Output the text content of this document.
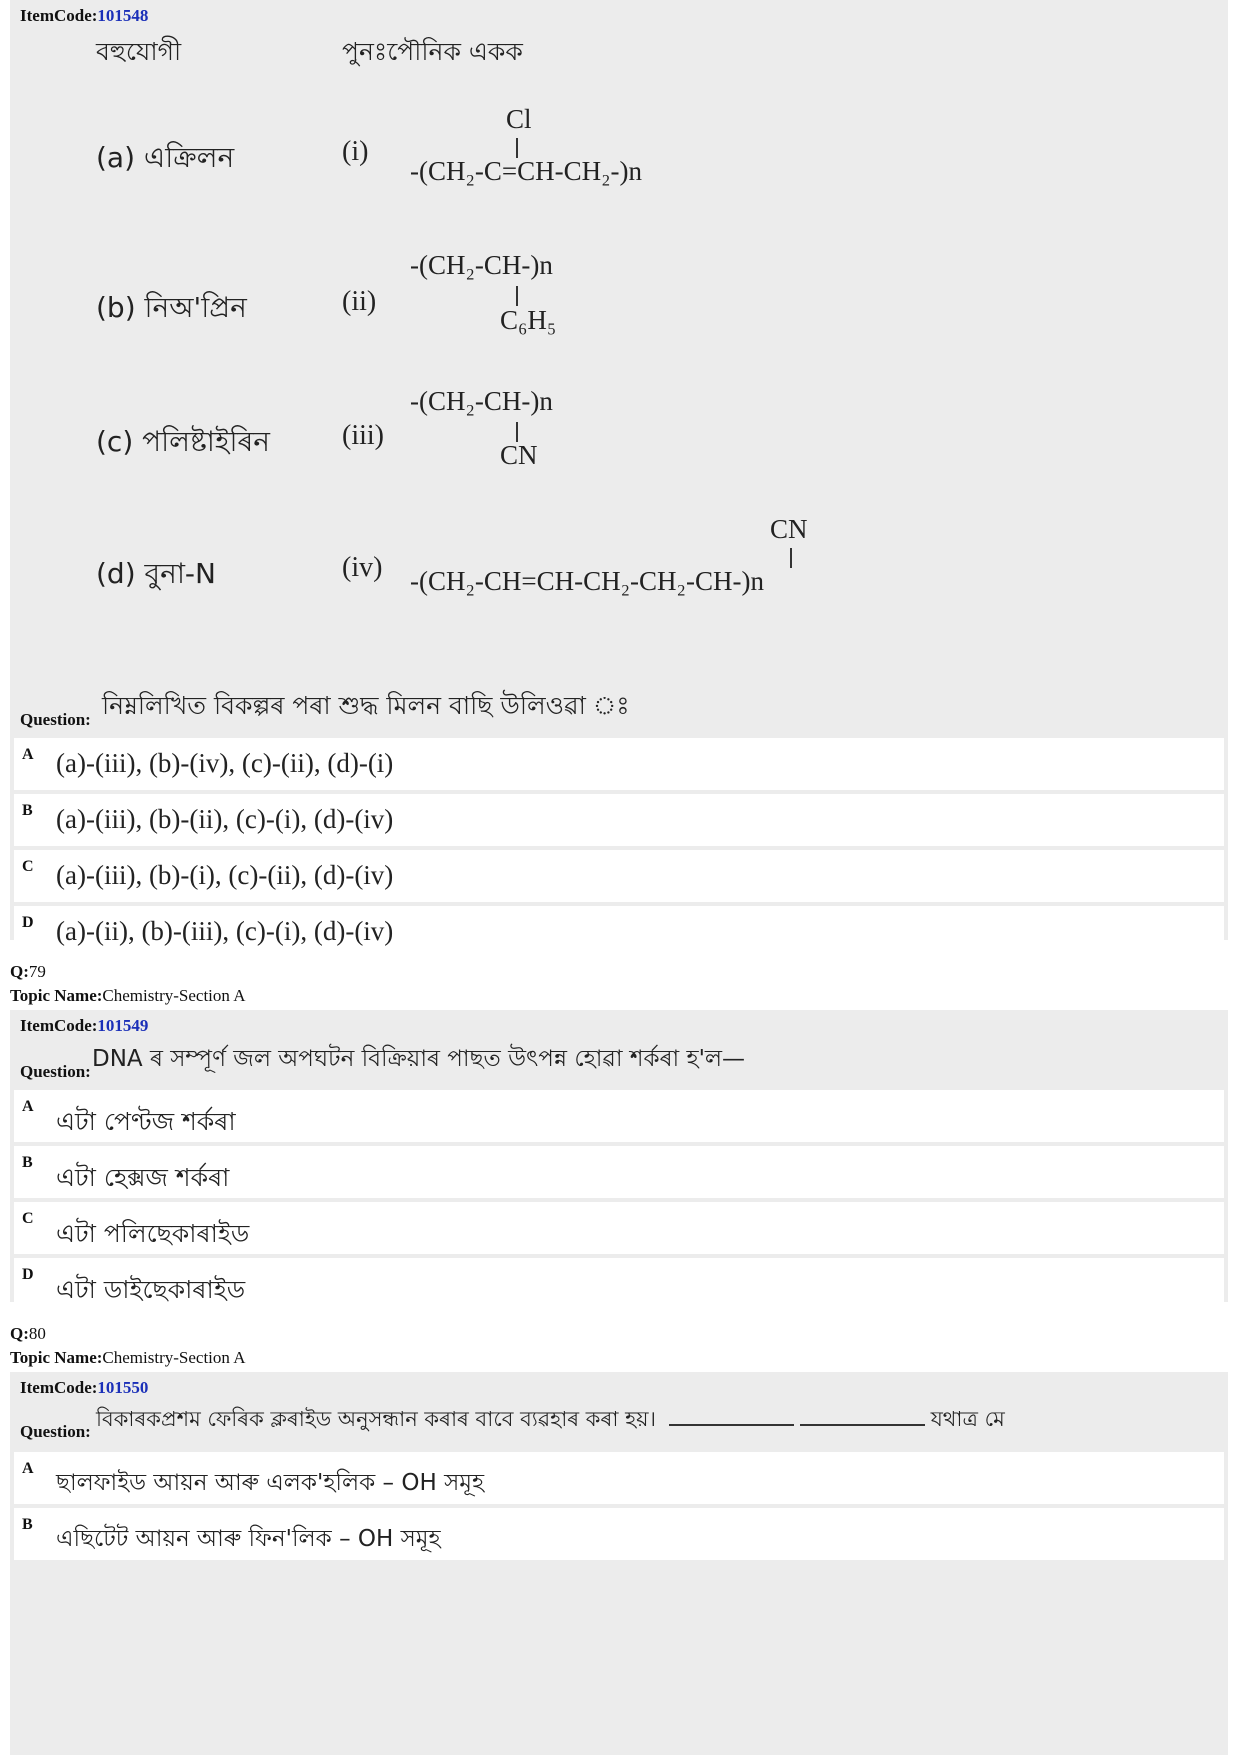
ItemCode:101548
বহুযোগী	পুনঃপৌনিক একক
(a) এক্রিলন	(i)
Cl
-(CH₂-C=CH-CH₂-)n
(b) নিঅ'প্ৰিন	(ii)
-(CH₂-CH-)n
C₆H₅
(c) পলিষ্টাইৰিন	(iii)
-(CH₂-CH-)n
CN
(d) বুনা-N	(iv)
CN
-(CH₂-CH=CH-CH₂-CH₂-CH-)n
Question: নিম্নলিখিত বিকল্পৰ পৰা শুদ্ধ মিলন বাছি উলিওৱা ঃ
A (a)-(iii), (b)-(iv), (c)-(ii), (d)-(i)
B (a)-(iii), (b)-(ii), (c)-(i), (d)-(iv)
C (a)-(iii), (b)-(i), (c)-(ii), (d)-(iv)
D (a)-(ii), (b)-(iii), (c)-(i), (d)-(iv)
Q:79
Topic Name:Chemistry-Section A
ItemCode:101549
Question: DNA ৰ সম্পূৰ্ণ জল অপঘটন বিক্ৰিয়াৰ পাছত উৎপন্ন হোৱা শৰ্কৰা হ'ল—
A
এটা পেণ্টজ শৰ্কৰা
B
এটা হেক্সজ শৰ্কৰা
C
এটা পলিছেকাৰাইড
D
এটা ডাইছেকাৰাইড
Q:80
Topic Name:Chemistry-Section A
ItemCode:101550
Question:
বিকাৰকপ্ৰশম ফেৰিক ক্লৰাইড অনুসন্ধান কৰাৰ বাবে ব্যৱহাৰ কৰা হয়।	যথাত্ৰ মে
A
ছালফাইড আয়ন আৰু এলক'হলিক – OH সমূহ
B
এছিটেট আয়ন আৰু ফিন'লিক – OH সমূহ
